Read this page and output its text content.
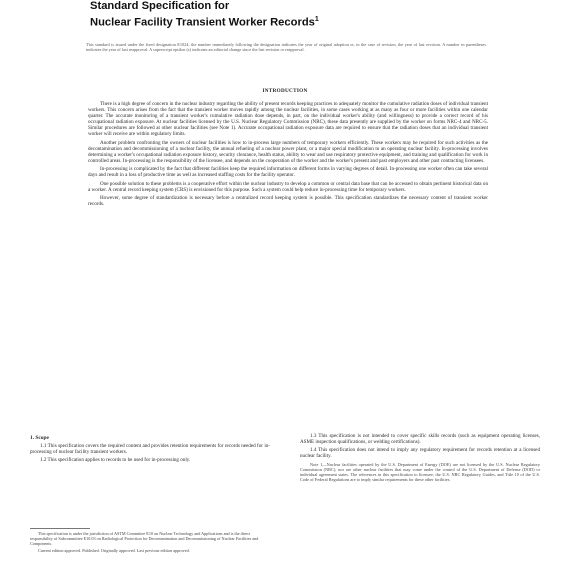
Standard Specification for
Nuclear Facility Transient Worker Records$^1$
This standard is issued under the fixed designation E1024; the number immediately following the designation indicates the year of original adoption or, in the case of revision, the year of last revision. A number in parentheses indicates the year of last reapproval. A superscript epsilon (ε) indicates an editorial change since the last revision or reapproval.
INTRODUCTION

There is a high degree of concern in the nuclear industry regarding the ability of present records keeping practices to adequately monitor the cumulative radiation doses of individual transient workers. This concern arises from the fact that the transient worker moves rapidly among the nuclear facilities, in some cases working at as many as four or more facilities within one calendar quarter. The accurate monitoring of a transient worker's cumulative radiation dose depends, in part, on the individual worker's ability (and willingness) to provide a correct record of his occupational radiation exposure. At nuclear facilities licensed by the U.S. Nuclear Regulatory Commission (NRC), these data presently are supplied by the worker on forms NRC-4 and NRC-5. Similar procedures are followed at other nuclear facilities (see Note 1). Accurate occupational radiation exposure data are required to ensure that the radiation doses that an individual transient worker will receive are within regulatory limits.

Another problem confronting the owners of nuclear facilities is how to in-process large numbers of temporary workers efficiently. These workers may be required for such activities as the decontamination and decommissioning of a nuclear facility, the annual refueling of a nuclear power plant, or a major special modification to an operating nuclear facility. In-processing involves determining a worker's occupational radiation exposure history, security clearance, health status, ability to wear and use respiratory protective equipment, and training and qualification for work in controlled areas. In-processing is the responsibility of the licensee, and depends on the cooperation of the worker and the worker's present and past employers and other past contracting licensees.

In-processing is complicated by the fact that different facilities keep the required information on different forms in varying degrees of detail. In-processing one worker often can take several days and result in a loss of productive time as well as increased staffing costs for the facility operator.

One possible solution to these problems is a cooperative effort within the nuclear industry to develop a common or central data base that can be accessed to obtain pertinent historical data on a worker. A central record keeping system (CRS) is envisioned for this purpose. Such a system could help reduce in-processing time for temporary workers.

However, some degree of standardization is necessary before a centralized record keeping system is possible. This specification standardizes the necessary content of transient worker records.

1. Scope

1.1 This specification covers the required content and provides retention requirements for records needed for in-processing of nuclear facility transient workers.

1.2 This specification applies to records to be used for in-processing only.

1.3 This specification is not intended to cover specific skills records (such as equipment operating licenses, ASME inspection qualifications, or welding certifications).

1.4 This specification does not intend to imply any regulatory requirement for records retention at a licensed nuclear facility.

Note 1—Nuclear facilities operated by the U.S. Department of Energy (DOE) are not licensed by the U.S. Nuclear Regulatory Commission (NRC), nor are other nuclear facilities that may come under the control of the U.S. Department of Defense (DOD) or individual agreement states. The references in this specification to licensee, the U.S. NRC Regulatory Guides, and Title 10 of the U.S. Code of Federal Regulations are to imply similar requirements for these other facilities.

This specification is under the jurisdiction of ASTM Committee E10 on Nuclear Technology and Applications and is the direct responsibility of Subcommittee E10.03 on Radiological Protection for Decontamination and Decommissioning of Nuclear Facilities and Components.

Current edition approved. Published. Originally approved. Last previous edition approved.
